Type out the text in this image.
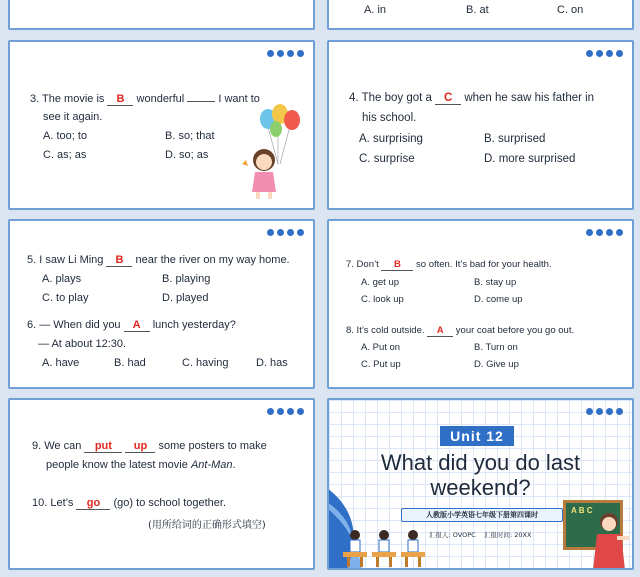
A. in	B. at	C. on
3. The movie is B wonderful	I want to
see it again.
A. too; to	B. so; that
C. as; as	D. so; as
4. The boy got a C when he saw his father in
his school.
A. surprising	B. surprised
C. surprise	D. more surprised
5. I saw Li Ming B near the river on my way home.
A. plays	B. playing
C. to play	D. played
6. — When did you A lunch yesterday?
— At about 12:30.
A. have	B. had	C. having	D. has
7. Don’t B so often. It’s bad for your health.
A. get up	B. stay up
C. look up	D. come up
8. It’s cold outside. A your coat before you go out.
A. Put on	B. Turn on
C. Put up	D. Give up
9. We can put up some posters to make
people know the latest movie Ant-Man.
10. Let’s go (go) to school together.
(用所给词的正确形式填空)
Unit 12
What did you do last
weekend?
人教版小学英语七年级下册第四课时
汇报人: OVOPC 汇报时间: 20XX
A B C
